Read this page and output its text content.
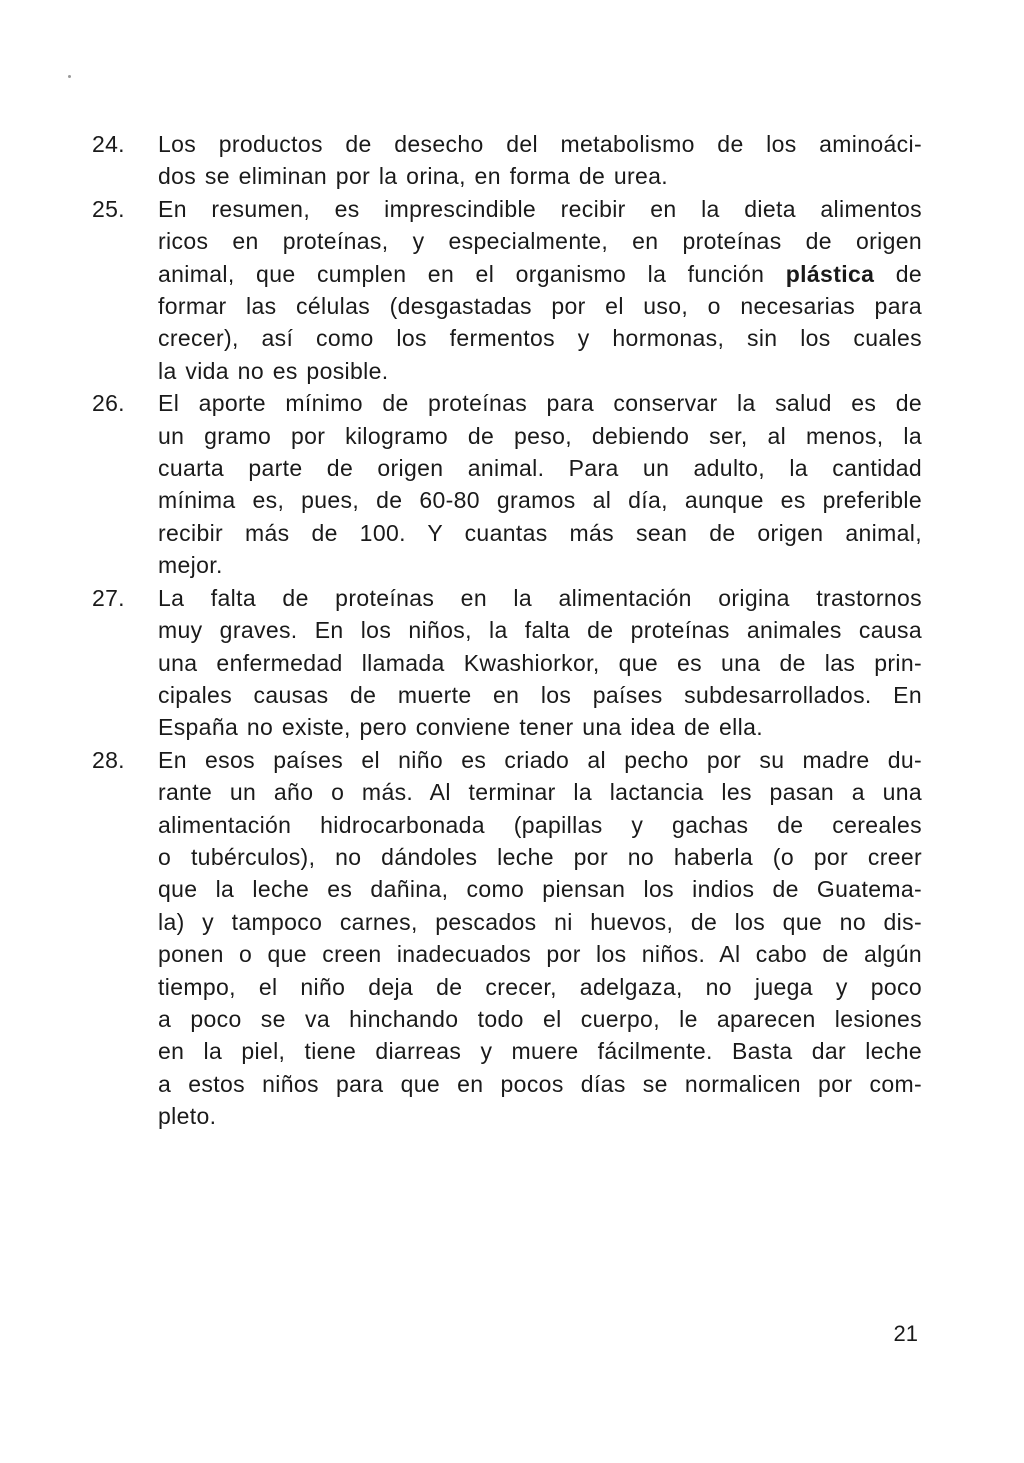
24. Los productos de desecho del metabolismo de los aminoáci-
dos se eliminan por la orina, en forma de urea.
25. En resumen, es imprescindible recibir en la dieta alimentos
ricos en proteínas, y especialmente, en proteínas de origen
animal, que cumplen en el organismo la función plástica de
formar las células (desgastadas por el uso, o necesarias para
crecer), así como los fermentos y hormonas, sin los cuales
la vida no es posible.
26. El aporte mínimo de proteínas para conservar la salud es de
un gramo por kilogramo de peso, debiendo ser, al menos, la
cuarta parte de origen animal. Para un adulto, la cantidad
mínima es, pues, de 60-80 gramos al día, aunque es preferible
recibir más de 100. Y cuantas más sean de origen animal,
mejor.
27. La falta de proteínas en la alimentación origina trastornos
muy graves. En los niños, la falta de proteínas animales causa
una enfermedad llamada Kwashiorkor, que es una de las prin-
cipales causas de muerte en los países subdesarrollados. En
España no existe, pero conviene tener una idea de ella.
28. En esos países el niño es criado al pecho por su madre du-
rante un año o más. Al terminar la lactancia les pasan a una
alimentación hidrocarbonada (papillas y gachas de cereales
o tubérculos), no dándoles leche por no haberla (o por creer
que la leche es dañina, como piensan los indios de Guatema-
la) y tampoco carnes, pescados ni huevos, de los que no dis-
ponen o que creen inadecuados por los niños. Al cabo de algún
tiempo, el niño deja de crecer, adelgaza, no juega y poco
a poco se va hinchando todo el cuerpo, le aparecen lesiones
en la piel, tiene diarreas y muere fácilmente. Basta dar leche
a estos niños para que en pocos días se normalicen por com-
pleto.
21
